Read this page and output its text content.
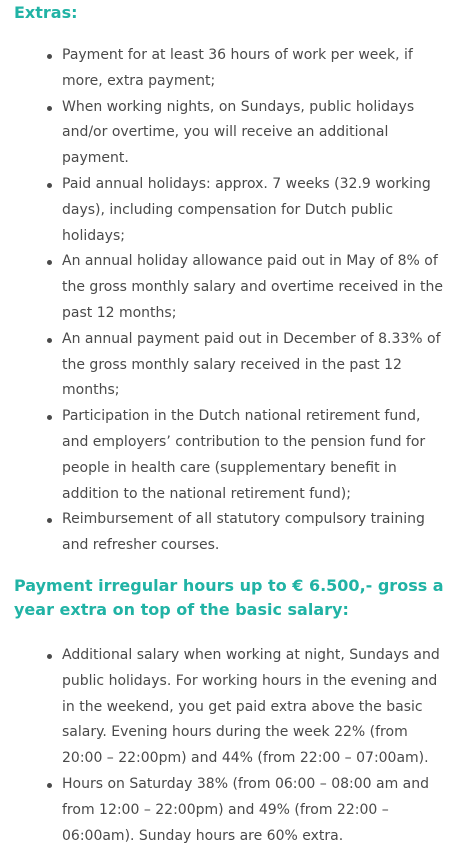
Extras:
Payment for at least 36 hours of work per week, if more, extra payment;
When working nights, on Sundays, public holidays and/or overtime, you will receive an additional payment.
Paid annual holidays: approx. 7 weeks (32.9 working days), including compensation for Dutch public holidays;
An annual holiday allowance paid out in May of 8% of the gross monthly salary and overtime received in the past 12 months;
An annual payment paid out in December of 8.33% of the gross monthly salary received in the past 12 months;
Participation in the Dutch national retirement fund, and employers’ contribution to the pension fund for people in health care (supplementary benefit in addition to the national retirement fund);
Reimbursement of all statutory compulsory training and refresher courses.
Payment irregular hours up to € 6.500,- gross a year extra on top of the basic salary:
Additional salary when working at night, Sundays and public holidays. For working hours in the evening and in the weekend, you get paid extra above the basic salary. Evening hours during the week 22% (from 20:00 – 22:00pm) and 44% (from 22:00 – 07:00am).
Hours on Saturday 38% (from 06:00 – 08:00 am and from 12:00 – 22:00pm) and 49% (from 22:00 – 06:00am). Sunday hours are 60% extra.
